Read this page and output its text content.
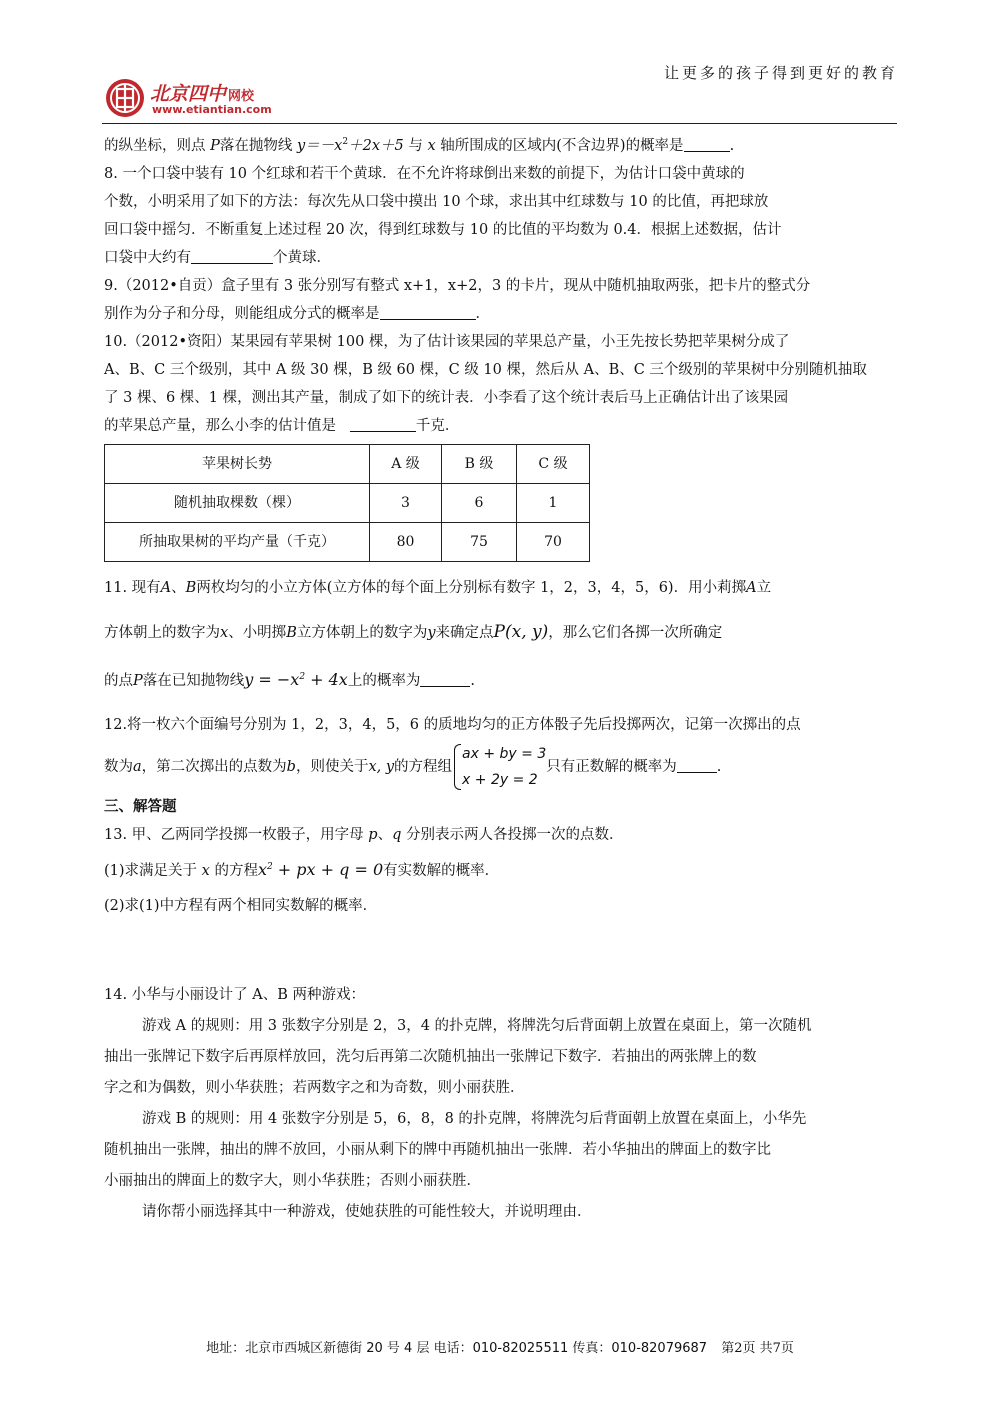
北京四中 网校
www.etiantian.com
让更多的孩子得到更好的教育

的纵坐标，则点 P落在抛物线 $y=-x^2+2x+5$ 与 x 轴所围成的区域内(不含边界)的概率是	.

8. 一个口袋中装有 10 个红球和若干个黄球．在不允许将球倒出来数的前提下，为估计口袋中黄球的

个数，小明采用了如下的方法：每次先从口袋中摸出 10 个球，求出其中红球数与 10 的比值，再把球放

回口袋中摇匀．不断重复上述过程 20 次，得到红球数与 10 的比值的平均数为 0.4．根据上述数据，估计

口袋中大约有	个黄球．

9.（2012•自贡）盒子里有 3 张分别写有整式 x+1，x+2，3 的卡片，现从中随机抽取两张，把卡片的整式分

别作为分子和分母，则能组成分式的概率是	．

10.（2012•资阳）某果园有苹果树 100 棵，为了估计该果园的苹果总产量，小王先按长势把苹果树分成了

A、B、C 三个级别，其中 A 级 30 棵，B 级 60 棵，C 级 10 棵，然后从 A、B、C 三个级别的苹果树中分别随机抽取

了 3 棵、6 棵、1 棵，测出其产量，制成了如下的统计表．小李看了这个统计表后马上正确估计出了该果园

的苹果总产量，那么小李的估计值是	千克．

苹果树长势	A 级	B 级	C 级
随机抽取棵数（棵）	3	6	1
所抽取果树的平均产量（千克）	80	75	70

11. 现有A、B两枚均匀的小立方体(立方体的每个面上分别标有数字 1，2，3，4，5，6)．用小莉掷A立

方体朝上的数字为x、小明掷B立方体朝上的数字为y来确定点P(x, y)，那么它们各掷一次所确定

的点P落在已知抛物线$y = -x^2 + 4x$上的概率为	.

12.将一枚六个面编号分别为 1，2，3，4，5，6 的质地均匀的正方体骰子先后投掷两次，记第一次掷出的点

数为a，第二次掷出的点数为b，则使关于x, y的方程组ax + by = 3
x + 2y = 2只有正数解的概率为	.

三、解答题

13. 甲、乙两同学投掷一枚骰子，用字母 p、q 分别表示两人各投掷一次的点数．

(1)求满足关于 x 的方程$x^2$ + px + q = 0有实数解的概率．

(2)求(1)中方程有两个相同实数解的概率．

14. 小华与小丽设计了 A、B 两种游戏：

游戏 A 的规则：用 3 张数字分别是 2，3，4 的扑克牌，将牌洗匀后背面朝上放置在桌面上，第一次随机

抽出一张牌记下数字后再原样放回，洗匀后再第二次随机抽出一张牌记下数字．若抽出的两张牌上的数

字之和为偶数，则小华获胜；若两数字之和为奇数，则小丽获胜．

游戏 B 的规则：用 4 张数字分别是 5，6，8，8 的扑克牌，将牌洗匀后背面朝上放置在桌面上，小华先

随机抽出一张牌，抽出的牌不放回，小丽从剩下的牌中再随机抽出一张牌．若小华抽出的牌面上的数字比

小丽抽出的牌面上的数字大，则小华获胜；否则小丽获胜．

请你帮小丽选择其中一种游戏，使她获胜的可能性较大，并说明理由．

地址：北京市西城区新德街 20 号 4 层 电话：010-82025511 传真：010-82079687 第2页 共7页
